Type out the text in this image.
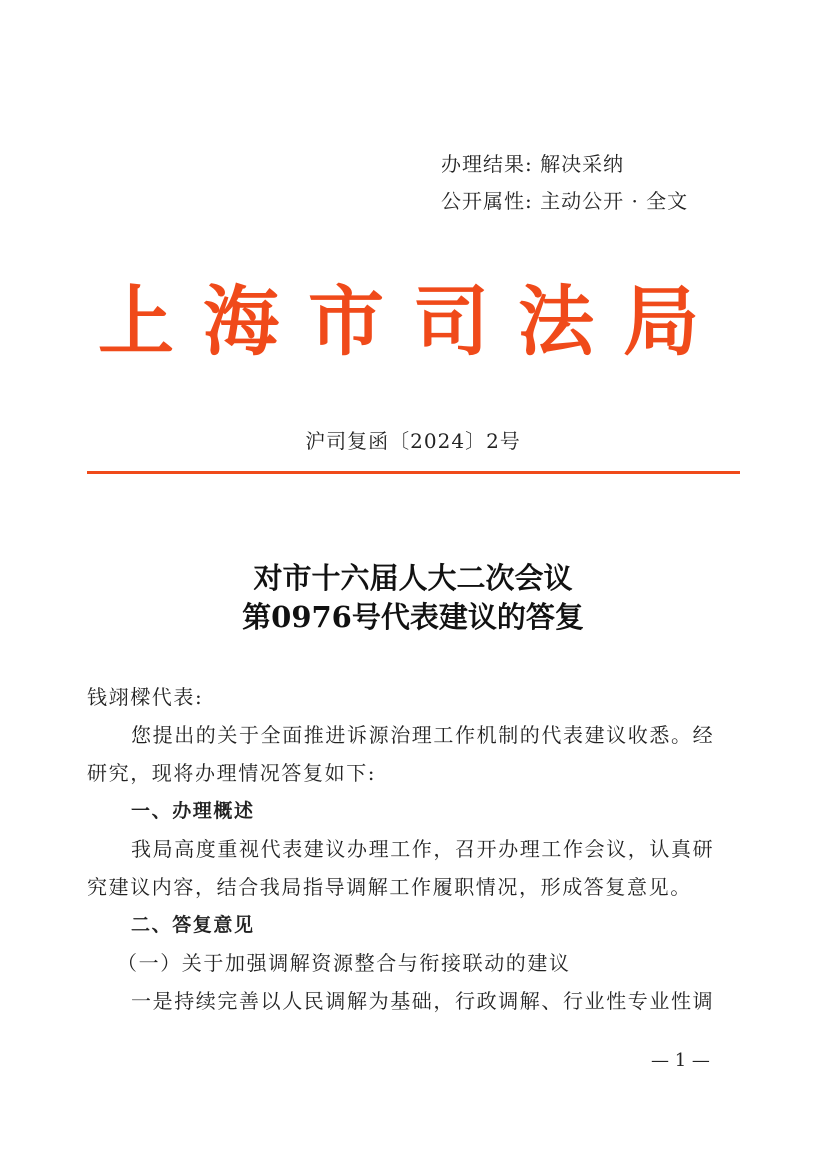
办理结果: 解决采纳
公开属性: 主动公开 · 全文
上海市司法局
沪司复函〔2024〕2号
对市十六届人大二次会议
第0976号代表建议的答复
钱翊樑代表:
您提出的关于全面推进诉源治理工作机制的代表建议收悉。经
研究，现将办理情况答复如下:
一、办理概述
我局高度重视代表建议办理工作，召开办理工作会议，认真研
究建议内容，结合我局指导调解工作履职情况，形成答复意见。
二、答复意见
（一）关于加强调解资源整合与衔接联动的建议
一是持续完善以人民调解为基础，行政调解、行业性专业性调
— 1 —
